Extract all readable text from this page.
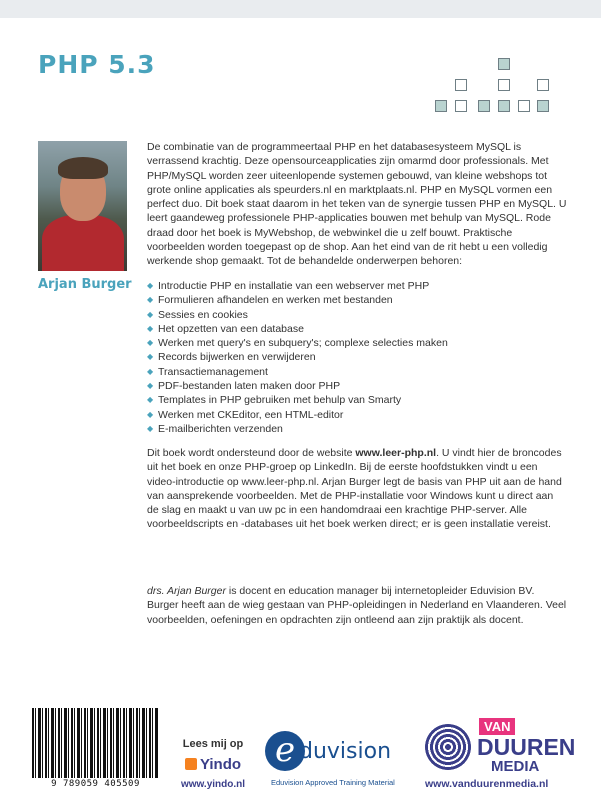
PHP 5.3
Arjan Burger
De combinatie van de programmeertaal PHP en het databasesysteem MySQL is verrassend krachtig. Deze opensourceapplicaties zijn omarmd door professionals. Met PHP/MySQL worden zeer uiteenlopende systemen gebouwd, van kleine webshops tot grote online applicaties als speurders.nl en marktplaats.nl. PHP en MySQL vormen een perfect duo. Dit boek staat daarom in het teken van de synergie tussen PHP en MySQL. U leert gaandeweg professionele PHP-applicaties bouwen met behulp van MySQL. Rode draad door het boek is MyWebshop, de webwinkel die u zelf bouwt. Praktische voorbeelden worden toegepast op de shop. Aan het eind van de rit hebt u een volledig werkende shop gemaakt. Tot de behandelde onderwerpen behoren:
◆ Introductie PHP en installatie van een webserver met PHP
◆ Formulieren afhandelen en werken met bestanden
◆ Sessies en cookies
◆ Het opzetten van een database
◆ Werken met query's en subquery's; complexe selecties maken
◆ Records bijwerken en verwijderen
◆ Transactiemanagement
◆ PDF-bestanden laten maken door PHP
◆ Templates in PHP gebruiken met behulp van Smarty
◆ Werken met CKEditor, een HTML-editor
◆ E-mailberichten verzenden
Dit boek wordt ondersteund door de website www.leer-php.nl. U vindt hier de broncodes uit het boek en onze PHP-groep op LinkedIn. Bij de eerste hoofdstukken vindt u een video-introductie op www.leer-php.nl. Arjan Burger legt de basis van PHP uit aan de hand van aansprekende voorbeelden. Met de PHP-installatie voor Windows kunt u direct aan de slag en maakt u van uw pc in een handomdraai een krachtige PHP-server. Alle voorbeeldscripts en -databases uit het boek werken direct; er is geen installatie vereist.
drs. Arjan Burger is docent en education manager bij internetopleider Eduvision BV. Burger heeft aan de wieg gestaan van PHP-opleidingen in Nederland en Vlaanderen. Veel voorbeelden, oefeningen en opdrachten zijn ontleend aan zijn praktijk als docent.
9 789059 405509
Lees mij op
Yindo
www.yindo.nl
e duvision
Eduvision Approved Training Material
VAN
DUUREN
MEDIA
www.vanduurenmedia.nl
